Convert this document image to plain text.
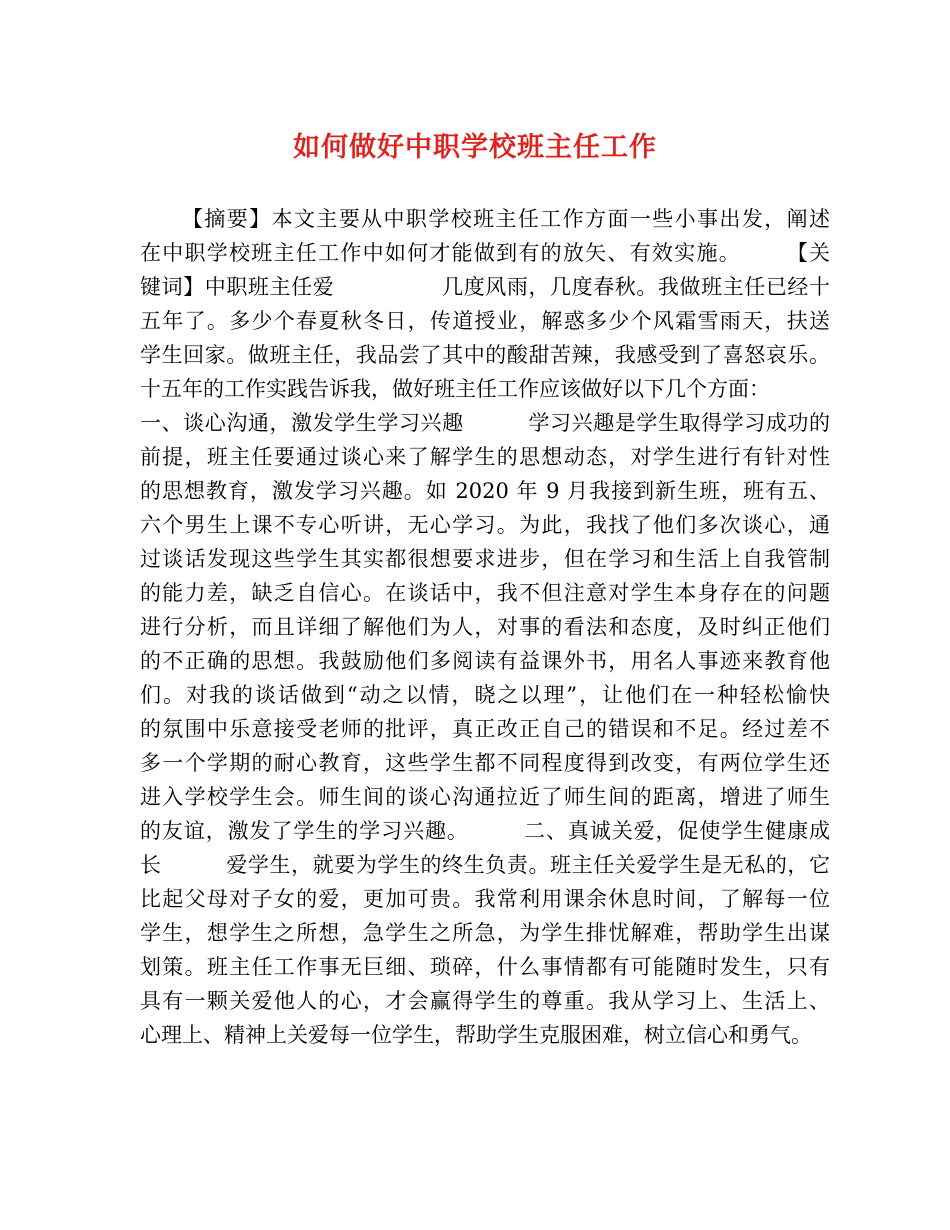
如何做好中职学校班主任工作
【摘要】本文主要从中职学校班主任工作方面一些小事出发，阐述
在中职学校班主任工作中如何才能做到有的放矢、有效实施。　　　【关
键词】中职班主任爱　　　　　几度风雨，几度春秋。我做班主任已经十
五年了。多少个春夏秋冬日，传道授业，解惑多少个风霜雪雨天，扶送
学生回家。做班主任，我品尝了其中的酸甜苦辣，我感受到了喜怒哀乐。
十五年的工作实践告诉我，做好班主任工作应该做好以下几个方面：
一、谈心沟通，激发学生学习兴趣　　　学习兴趣是学生取得学习成功的
前提，班主任要通过谈心来了解学生的思想动态，对学生进行有针对性
的思想教育，激发学习兴趣。如 2020 年 9 月我接到新生班，班有五、
六个男生上课不专心听讲，无心学习。为此，我找了他们多次谈心，通
过谈话发现这些学生其实都很想要求进步，但在学习和生活上自我管制
的能力差，缺乏自信心。在谈话中，我不但注意对学生本身存在的问题
进行分析，而且详细了解他们为人，对事的看法和态度，及时纠正他们
的不正确的思想。我鼓励他们多阅读有益课外书，用名人事迹来教育他
们。对我的谈话做到“动之以情，晓之以理”，让他们在一种轻松愉快
的氛围中乐意接受老师的批评，真正改正自己的错误和不足。经过差不
多一个学期的耐心教育，这些学生都不同程度得到改变，有两位学生还
进入学校学生会。师生间的谈心沟通拉近了师生间的距离，增进了师生
的友谊，激发了学生的学习兴趣。　　　二、真诚关爱，促使学生健康成
长　　　爱学生，就要为学生的终生负责。班主任关爱学生是无私的，它
比起父母对子女的爱，更加可贵。我常利用课余休息时间，了解每一位
学生，想学生之所想，急学生之所急，为学生排忧解难，帮助学生出谋
划策。班主任工作事无巨细、琐碎，什么事情都有可能随时发生，只有
具有一颗关爱他人的心，才会赢得学生的尊重。我从学习上、生活上、
心理上、精神上关爱每一位学生，帮助学生克服困难，树立信心和勇气。
